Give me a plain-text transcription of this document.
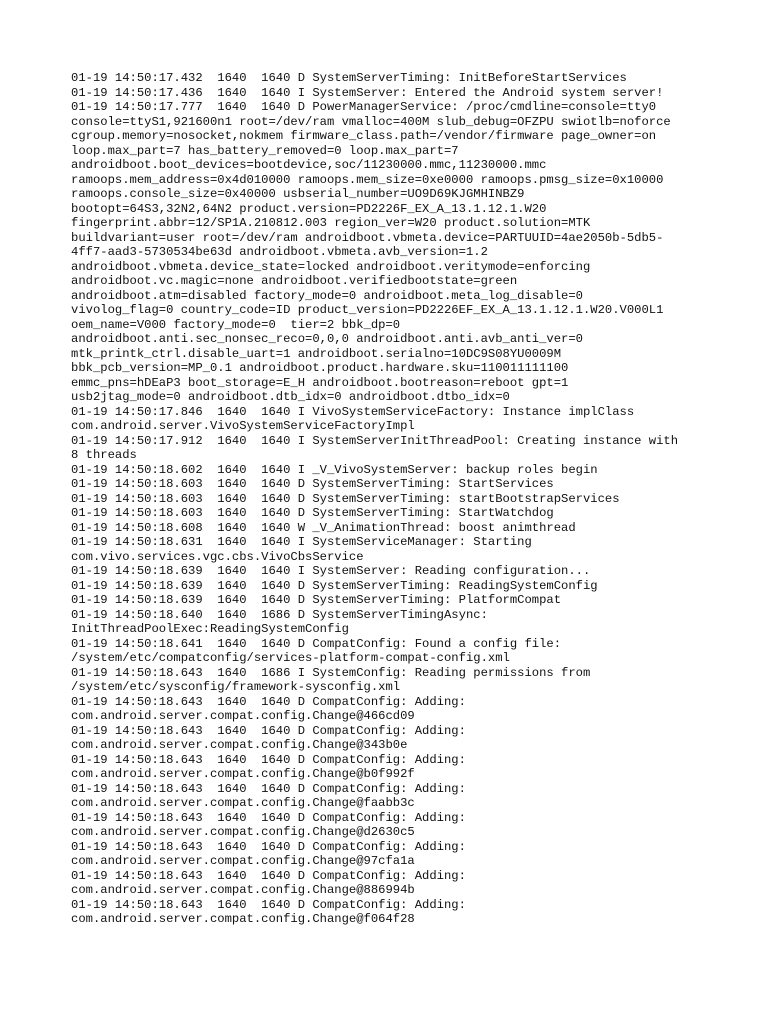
01-19 14:50:17.432  1640  1640 D SystemServerTiming: InitBeforeStartServices
01-19 14:50:17.436  1640  1640 I SystemServer: Entered the Android system server!
01-19 14:50:17.777  1640  1640 D PowerManagerService: /proc/cmdline=console=tty0
console=ttyS1,921600n1 root=/dev/ram vmalloc=400M slub_debug=OFZPU swiotlb=noforce
cgroup.memory=nosocket,nokmem firmware_class.path=/vendor/firmware page_owner=on
loop.max_part=7 has_battery_removed=0 loop.max_part=7
androidboot.boot_devices=bootdevice,soc/11230000.mmc,11230000.mmc
ramoops.mem_address=0x4d010000 ramoops.mem_size=0xe0000 ramoops.pmsg_size=0x10000
ramoops.console_size=0x40000 usbserial_number=UO9D69KJGMHINBZ9
bootopt=64S3,32N2,64N2 product.version=PD2226F_EX_A_13.1.12.1.W20
fingerprint.abbr=12/SP1A.210812.003 region_ver=W20 product.solution=MTK
buildvariant=user root=/dev/ram androidboot.vbmeta.device=PARTUUID=4ae2050b-5db5-
4ff7-aad3-5730534be63d androidboot.vbmeta.avb_version=1.2
androidboot.vbmeta.device_state=locked androidboot.veritymode=enforcing
androidboot.vc.magic=none androidboot.verifiedbootstate=green
androidboot.atm=disabled factory_mode=0 androidboot.meta_log_disable=0
vivolog_flag=0 country_code=ID product_version=PD2226EF_EX_A_13.1.12.1.W20.V000L1
oem_name=V000 factory_mode=0  tier=2 bbk_dp=0
androidboot.anti.sec_nonsec_reco=0,0,0 androidboot.anti.avb_anti_ver=0
mtk_printk_ctrl.disable_uart=1 androidboot.serialno=10DC9S08YU0009M
bbk_pcb_version=MP_0.1 androidboot.product.hardware.sku=110011111100
emmc_pns=hDEaP3 boot_storage=E_H androidboot.bootreason=reboot gpt=1
usb2jtag_mode=0 androidboot.dtb_idx=0 androidboot.dtbo_idx=0
01-19 14:50:17.846  1640  1640 I VivoSystemServiceFactory: Instance implClass
com.android.server.VivoSystemServiceFactoryImpl
01-19 14:50:17.912  1640  1640 I SystemServerInitThreadPool: Creating instance with
8 threads
01-19 14:50:18.602  1640  1640 I _V_VivoSystemServer: backup roles begin
01-19 14:50:18.603  1640  1640 D SystemServerTiming: StartServices
01-19 14:50:18.603  1640  1640 D SystemServerTiming: startBootstrapServices
01-19 14:50:18.603  1640  1640 D SystemServerTiming: StartWatchdog
01-19 14:50:18.608  1640  1640 W _V_AnimationThread: boost animthread
01-19 14:50:18.631  1640  1640 I SystemServiceManager: Starting
com.vivo.services.vgc.cbs.VivoCbsService
01-19 14:50:18.639  1640  1640 I SystemServer: Reading configuration...
01-19 14:50:18.639  1640  1640 D SystemServerTiming: ReadingSystemConfig
01-19 14:50:18.639  1640  1640 D SystemServerTiming: PlatformCompat
01-19 14:50:18.640  1640  1686 D SystemServerTimingAsync:
InitThreadPoolExec:ReadingSystemConfig
01-19 14:50:18.641  1640  1640 D CompatConfig: Found a config file:
/system/etc/compatconfig/services-platform-compat-config.xml
01-19 14:50:18.643  1640  1686 I SystemConfig: Reading permissions from
/system/etc/sysconfig/framework-sysconfig.xml
01-19 14:50:18.643  1640  1640 D CompatConfig: Adding:
com.android.server.compat.config.Change@466cd09
01-19 14:50:18.643  1640  1640 D CompatConfig: Adding:
com.android.server.compat.config.Change@343b0e
01-19 14:50:18.643  1640  1640 D CompatConfig: Adding:
com.android.server.compat.config.Change@b0f992f
01-19 14:50:18.643  1640  1640 D CompatConfig: Adding:
com.android.server.compat.config.Change@faabb3c
01-19 14:50:18.643  1640  1640 D CompatConfig: Adding:
com.android.server.compat.config.Change@d2630c5
01-19 14:50:18.643  1640  1640 D CompatConfig: Adding:
com.android.server.compat.config.Change@97cfa1a
01-19 14:50:18.643  1640  1640 D CompatConfig: Adding:
com.android.server.compat.config.Change@886994b
01-19 14:50:18.643  1640  1640 D CompatConfig: Adding:
com.android.server.compat.config.Change@f064f28
